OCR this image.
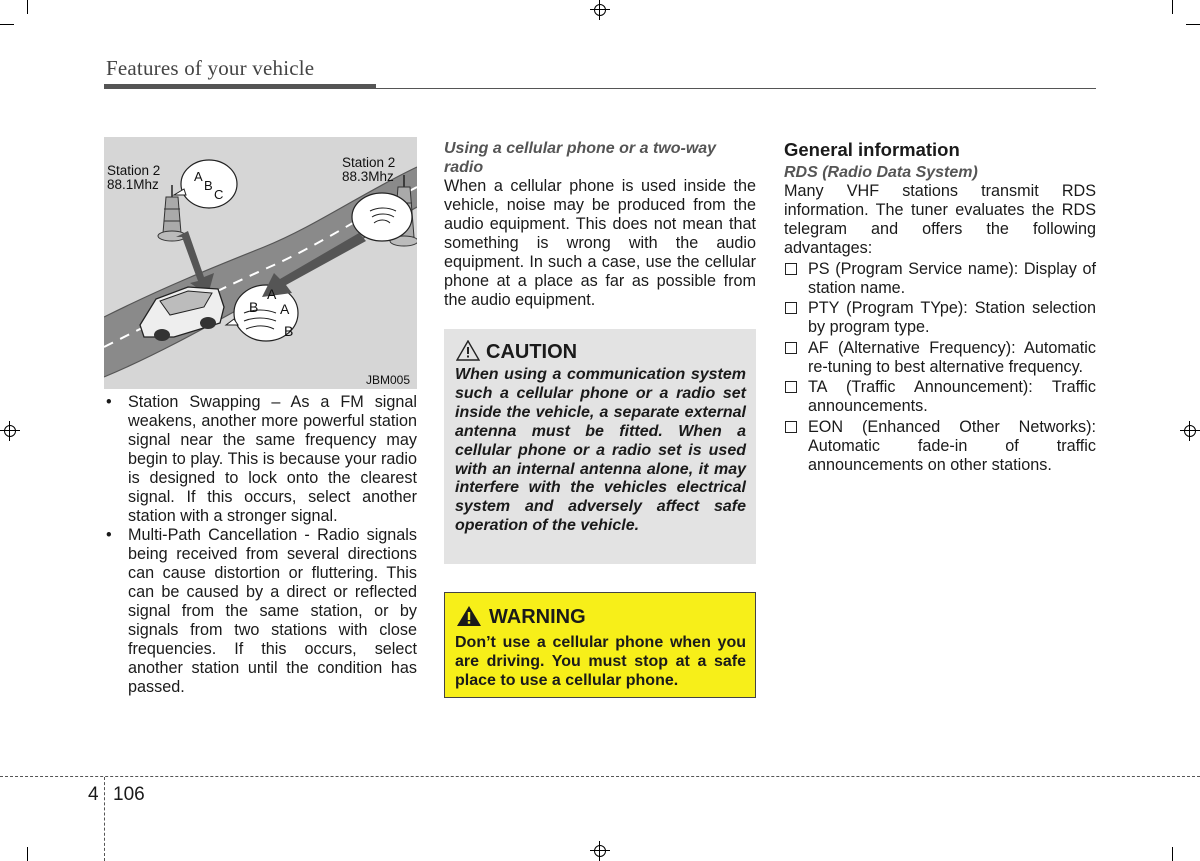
Features of your vehicle
Station 2
88.1Mhz
Station 2
88.3Mhz
A
B
C
A
B A
B
JBM005
• Station Swapping – As a FM signal weakens, another more powerful station signal near the same frequency may begin to play. This is because your radio is designed to lock onto the clearest signal. If this occurs, select another station with a stronger signal.
• Multi-Path Cancellation - Radio signals being received from several directions can cause distortion or fluttering. This can be caused by a direct or reflected signal from the same station, or by signals from two stations with close frequencies. If this occurs, select another station until the condition has passed.
Using a cellular phone or a two-way radio
When a cellular phone is used inside the vehicle, noise may be produced from the audio equipment. This does not mean that something is wrong with the audio equipment. In such a case, use the cellular phone at a place as far as possible from the audio equipment.
CAUTION
When using a communication system such a cellular phone or a radio set inside the vehicle, a separate external antenna must be fitted. When a cellular phone or a radio set is used with an internal antenna alone, it may interfere with the vehicles electrical system and adversely affect safe operation of the vehicle.
WARNING
Don’t use a cellular phone when you are driving. You must stop at a safe place to use a cellular phone.
General information
RDS (Radio Data System)
Many VHF stations transmit RDS information. The tuner evaluates the RDS telegram and offers the following advantages:
PS (Program Service name): Display of station name.
PTY (Program TYpe): Station selection by program type.
AF (Alternative Frequency): Automatic re-tuning to best alternative frequency.
TA (Traffic Announcement): Traffic announcements.
EON (Enhanced Other Networks): Automatic fade-in of traffic announcements on other stations.
4 106
